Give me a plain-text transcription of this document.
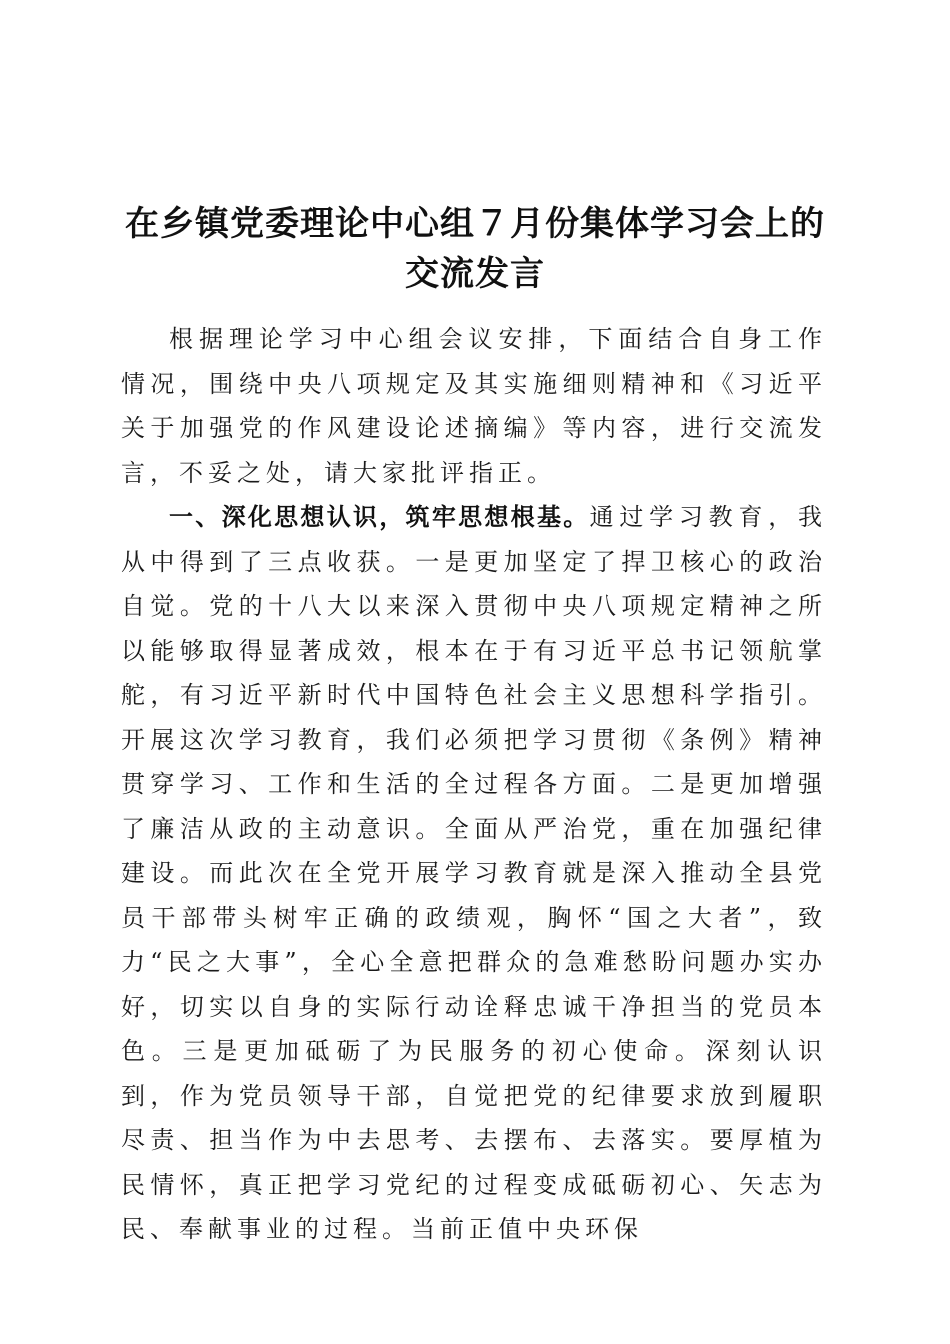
在乡镇党委理论中心组７月份集体学习会上的
交流发言

根据理论学习中心组会议安排，下面结合自身工作情况，围绕中央八项规定及其实施细则精神和《习近平关于加强党的作风建设论述摘编》等内容，进行交流发言，不妥之处，请大家批评指正。

一、深化思想认识，筑牢思想根基。通过学习教育，我从中得到了三点收获。一是更加坚定了捍卫核心的政治自觉。党的十八大以来深入贯彻中央八项规定精神之所以能够取得显著成效，根本在于有习近平总书记领航掌舵，有习近平新时代中国特色社会主义思想科学指引。开展这次学习教育，我们必须把学习贯彻《条例》精神贯穿学习、工作和生活的全过程各方面。二是更加增强了廉洁从政的主动意识。全面从严治党，重在加强纪律建设。而此次在全党开展学习教育就是深入推动全县党员干部带头树牢正确的政绩观，胸怀“国之大者”，致力“民之大事”，全心全意把群众的急难愁盼问题办实办好，切实以自身的实际行动诠释忠诚干净担当的党员本色。三是更加砥砺了为民服务的初心使命。深刻认识到，作为党员领导干部，自觉把党的纪律要求放到履职尽责、担当作为中去思考、去摆布、去落实。要厚植为民情怀，真正把学习党纪的过程变成砥砺初心、矢志为民、奉献事业的过程。当前正值中央环保
